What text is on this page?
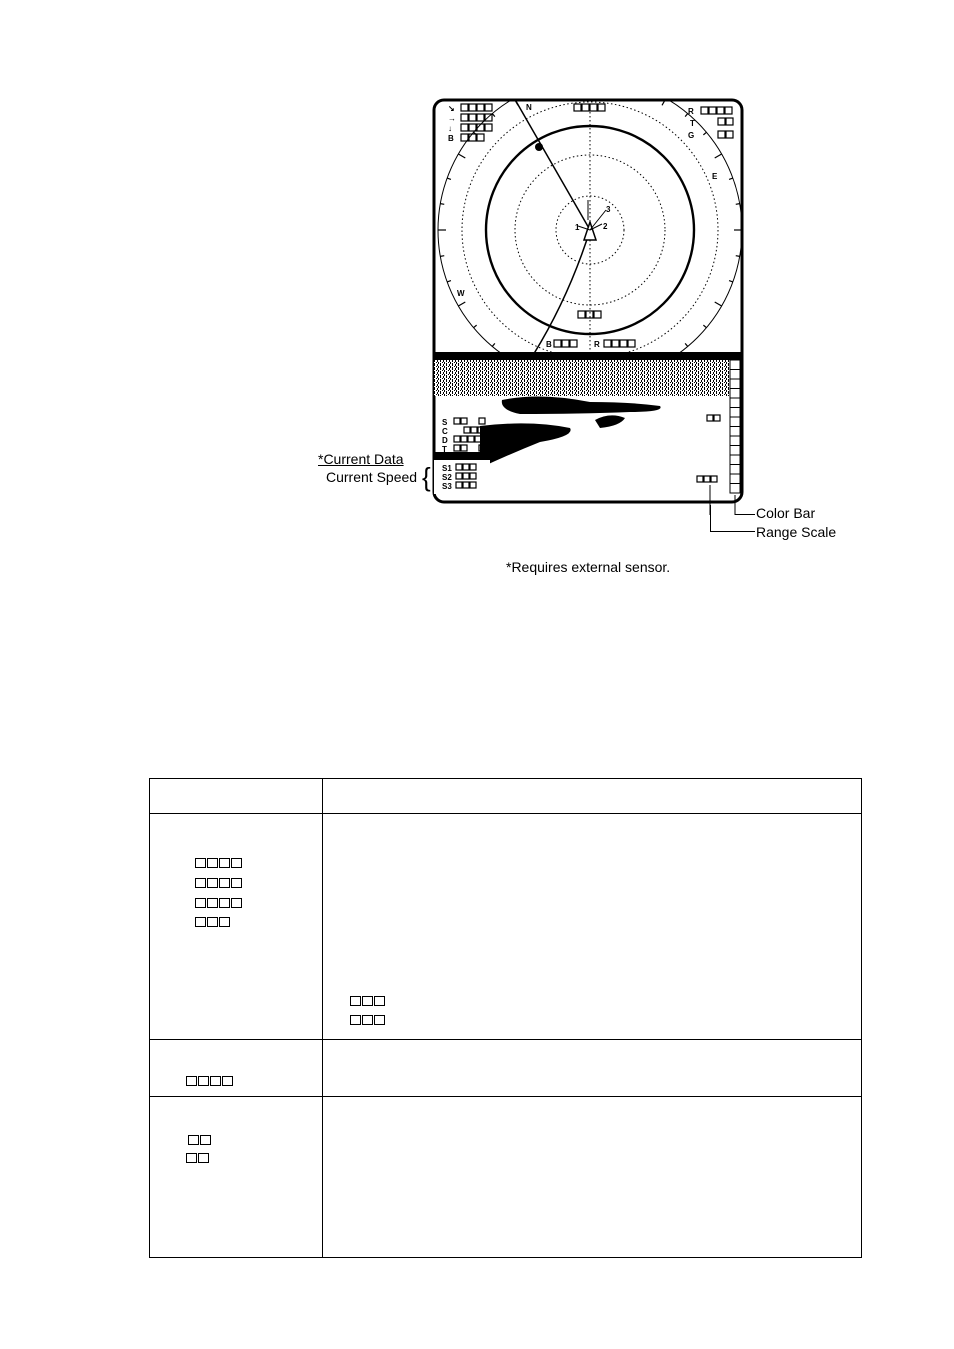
N
E
W
1	2
3
↘
→
↓
B
R
T
G
B	R
S
C
D
T
S1
S2
S3
*Current Data
Current Speed {
Color Bar
Range Scale
*Requires external sensor.
